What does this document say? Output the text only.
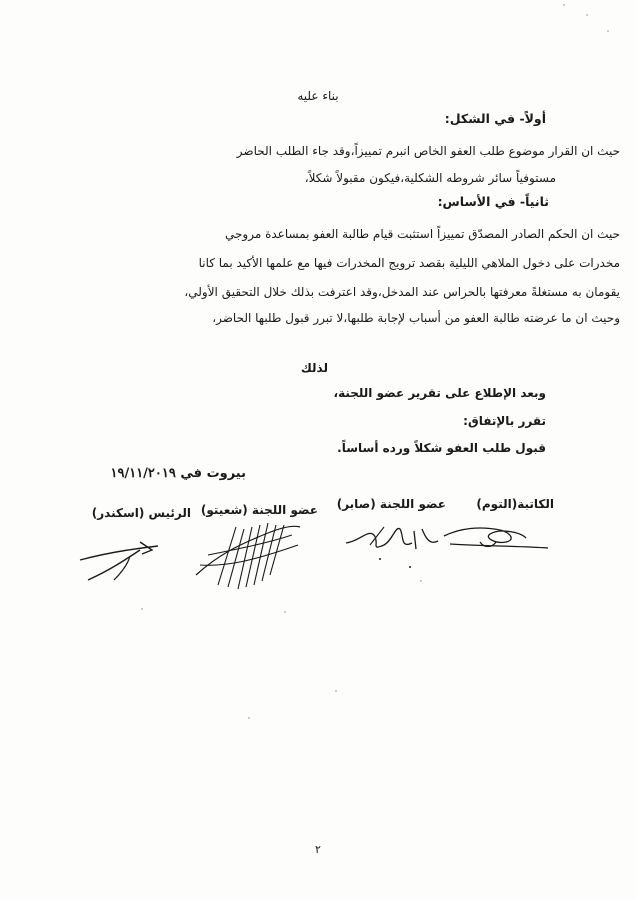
بناء عليه
أولاً- في الشكل:
حيث ان القرار موضوع طلب العفو الخاص انبرم تمييزاً،وقد جاء الطلب الحاضر
مستوفياً سائر شروطه الشكلية،فيكون مقبولاً شكلاً،
ثانياً- في الأساس:
حيث ان الحكم الصادر المصدّق تمييزاً استثبت قيام طالبة العفو بمساعدة مروجي
مخدرات على دخول الملاهي الليلية بقصد ترويج المخدرات فيها مع علمها الأكيد بما كانا
يقومان به مستغلةً معرفتها بالحراس عند المدخل،وقد اعترفت بذلك خلال التحقيق الأولي،
وحيث ان ما عرضته طالبة العفو من أسباب لإجابة طلبها،لا تبرر قبول طلبها الحاضر،
لذلك
وبعد الإطلاع على تقرير عضو اللجنة،
تقرر بالإتفاق:
قبول طلب العفو شكلاً ورده أساساً.
بيروت في ١٩/١١/٢٠١٩
الكاتبة(التوم)
عضو اللجنة (صابر)
عضو اللجنة (شعيتو)
الرئيس (اسكندر)
٢
